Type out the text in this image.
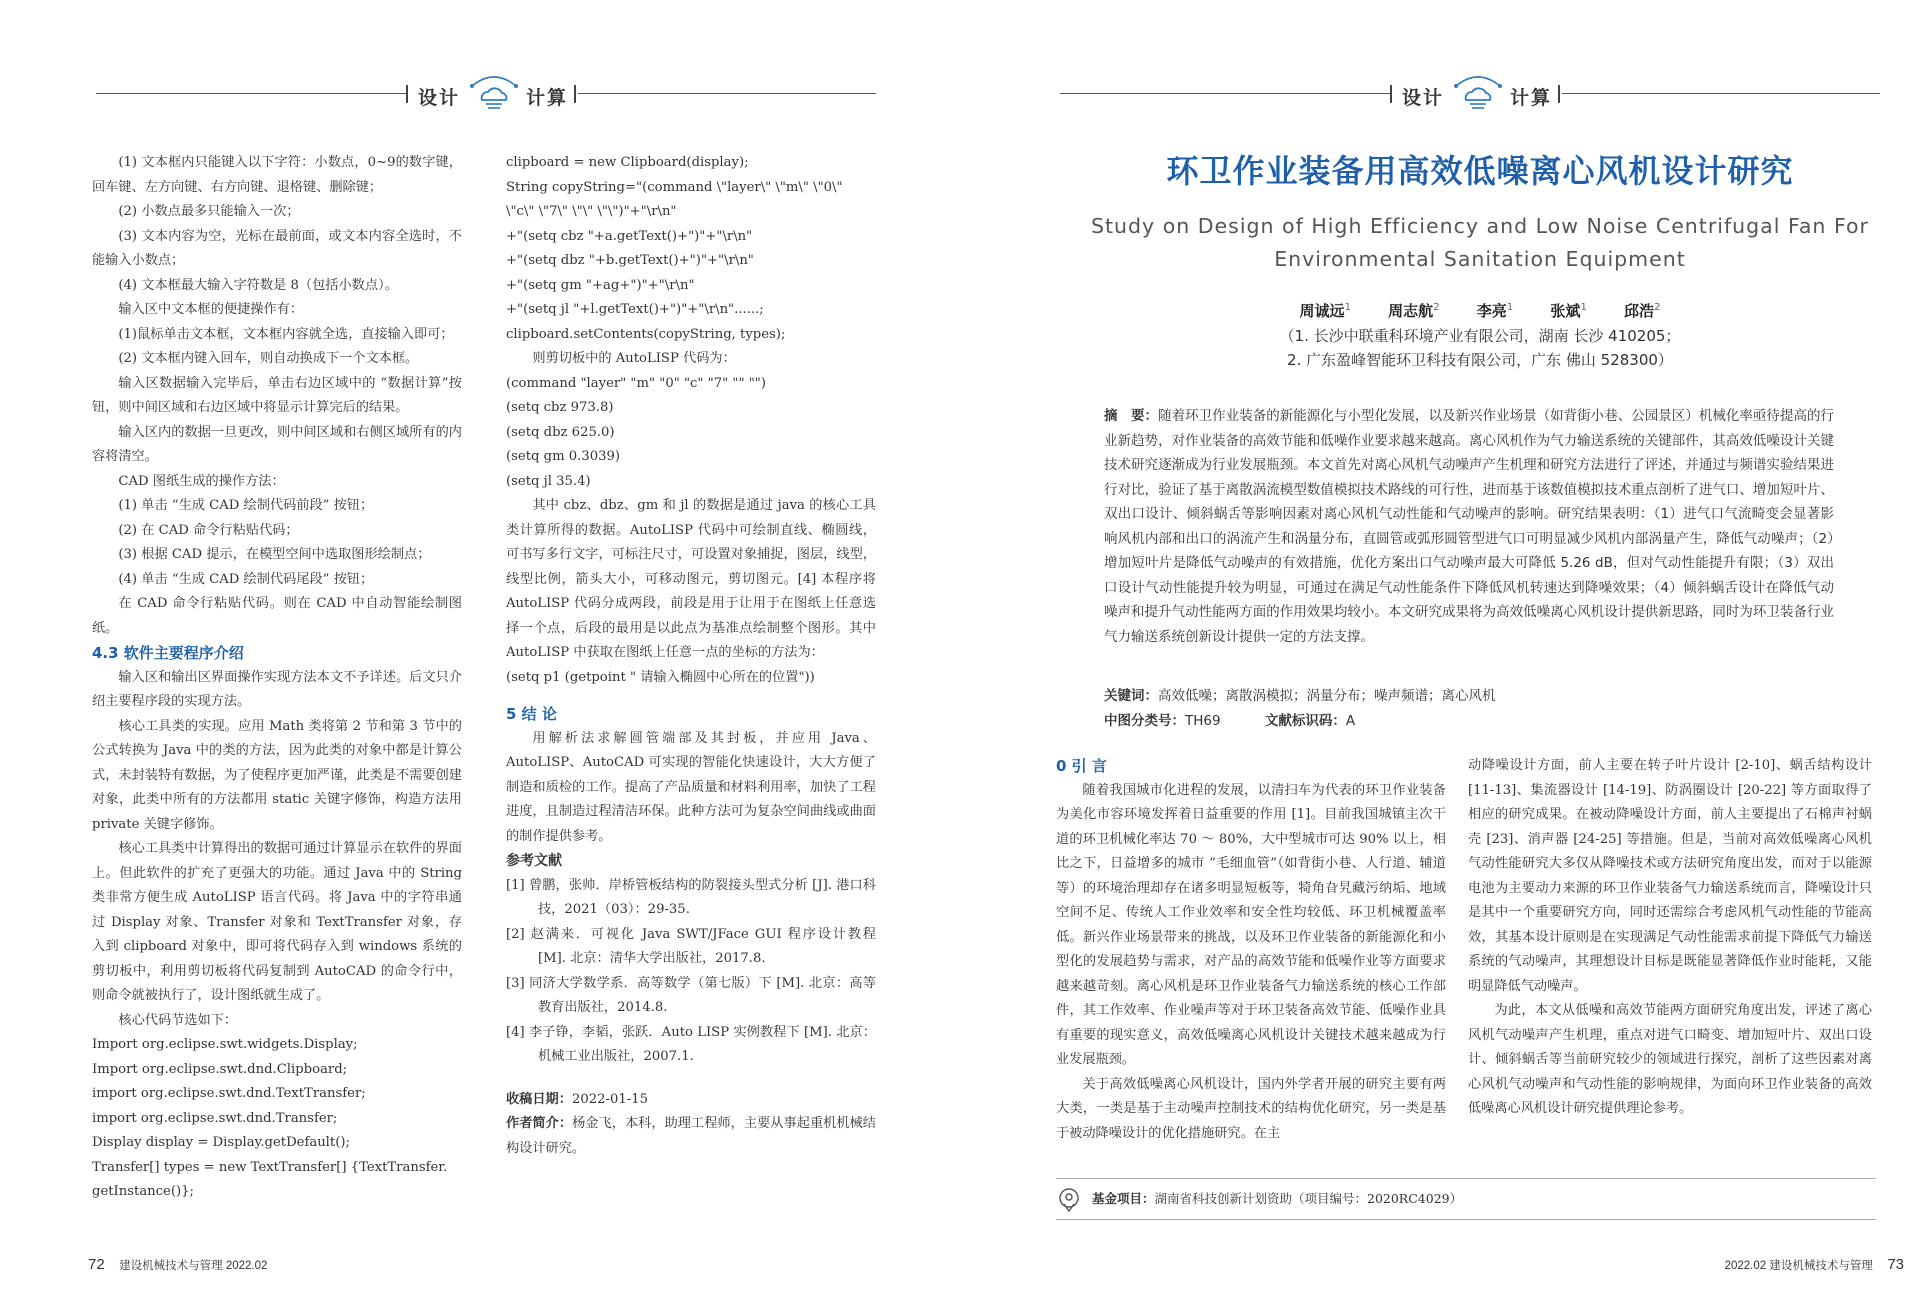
设计	计算

(1) 文本框内只能键入以下字符：小数点，0~9的数字键，回车键、左方向键、右方向键、退格键、删除键；

(2) 小数点最多只能输入一次；

(3) 文本内容为空，光标在最前面，或文本内容全选时，不能输入小数点；

(4) 文本框最大输入字符数是 8（包括小数点）。

输入区中文本框的便捷操作有：

(1)鼠标单击文本框，文本框内容就全选，直接输入即可；

(2) 文本框内键入回车，则自动换成下一个文本框。

输入区数据输入完毕后，单击右边区域中的 “数据计算”按钮，则中间区域和右边区域中将显示计算完后的结果。

输入区内的数据一旦更改，则中间区域和右侧区域所有的内容将清空。

CAD 图纸生成的操作方法：

(1) 单击 “生成 CAD 绘制代码前段” 按钮；

(2) 在 CAD 命令行粘贴代码；

(3) 根据 CAD 提示，在模型空间中选取图形绘制点；

(4) 单击 “生成 CAD 绘制代码尾段” 按钮；

在 CAD 命令行粘贴代码。则在 CAD 中自动智能绘制图纸。

4.3 软件主要程序介绍

输入区和输出区界面操作实现方法本文不予详述。后文只介绍主要程序段的实现方法。

核心工具类的实现。应用 Math 类将第 2 节和第 3 节中的公式转换为 Java 中的类的方法，因为此类的对象中都是计算公式，未封装特有数据，为了使程序更加严谨，此类是不需要创建对象，此类中所有的方法都用 static 关键字修饰，构造方法用 private 关键字修饰。

核心工具类中计算得出的数据可通过计算显示在软件的界面上。但此软件的扩充了更强大的功能。通过 Java 中的 String 类非常方便生成 AutoLISP 语言代码。将 Java 中的字符串通过 Display 对象、Transfer 对象和 TextTransfer 对象，存入到 clipboard 对象中，即可将代码存入到 windows 系统的剪切板中，利用剪切板将代码复制到 AutoCAD 的命令行中，则命令就被执行了，设计图纸就生成了。

核心代码节选如下：

Import org.eclipse.swt.widgets.Display;

Import org.eclipse.swt.dnd.Clipboard;

import org.eclipse.swt.dnd.TextTransfer;

import org.eclipse.swt.dnd.Transfer;

Display display = Display.getDefault();

Transfer[] types = new TextTransfer[] {TextTransfer.

getInstance()};

clipboard = new Clipboard(display);

String copyString="(command \"layer\" \"m\" \"0\"

\"c\" \"7\" \"\" \"\")"+"\r\n"

+"(setq cbz "+a.getText()+")"+"\r\n"

+"(setq dbz "+b.getText()+")"+"\r\n"

+"(setq gm "+ag+")"+"\r\n"

+"(setq jl "+l.getText()+")"+"\r\n"......;

clipboard.setContents(copyString, types);

则剪切板中的 AutoLISP 代码为：

(command "layer" "m" "0" "c" "7" "" "")

(setq cbz 973.8)

(setq dbz 625.0)

(setq gm 0.3039)

(setq jl 35.4)

其中 cbz、dbz、gm 和 jl 的数据是通过 java 的核心工具类计算所得的数据。AutoLISP 代码中可绘制直线、椭圆线，可书写多行文字，可标注尺寸，可设置对象捕捉，图层，线型，线型比例，箭头大小，可移动图元，剪切图元。[4] 本程序将 AutoLISP 代码分成两段，前段是用于让用于在图纸上任意选择一个点，后段的最用是以此点为基准点绘制整个图形。其中 AutoLISP 中获取在图纸上任意一点的坐标的方法为：

(setq p1 (getpoint " 请输入椭圆中心所在的位置"))

5 结 论

用解析法求解圆管端部及其封板，并应用 Java、AutoLISP、AutoCAD 可实现的智能化快速设计，大大方便了制造和质检的工作。提高了产品质量和材料利用率，加快了工程进度，且制造过程清洁环保。此种方法可为复杂空间曲线或曲面的制作提供参考。

参考文献

[1] 曾鹏，张帅．岸桥管板结构的防裂接头型式分析 [J]. 港口科技，2021（03）：29-35.

[2] 赵满来．可视化 Java SWT/JFace GUI 程序设计教程 [M]. 北京：清华大学出版社，2017.8.

[3] 同济大学数学系．高等数学（第七版）下 [M]. 北京：高等教育出版社，2014.8.

[4] 李子铮，李韬，张跃．Auto LISP 实例教程下 [M]. 北京：机械工业出版社，2007.1.

收稿日期：2022-01-15

作者简介：杨金飞，本科，助理工程师，主要从事起重机机械结构设计研究。

72 建设机械技术与管理 2022.02
设计	计算
环卫作业装备用高效低噪离心风机设计研究
Study on Design of High Efficiency and Low Noise Centrifugal Fan For
Environmental Sanitation Equipment
周诚远$^1$ 周志航$^2$ 李亮$^1$ 张斌$^1$ 邱浩$^2$
（1. 长沙中联重科环境产业有限公司，湖南 长沙 410205；
2. 广东盈峰智能环卫科技有限公司，广东 佛山 528300）
摘　要：随着环卫作业装备的新能源化与小型化发展，以及新兴作业场景（如背街小巷、公园景区）机械化率亟待提高的行业新趋势，对作业装备的高效节能和低噪作业要求越来越高。离心风机作为气力输送系统的关键部件，其高效低噪设计关键技术研究逐渐成为行业发展瓶颈。本文首先对离心风机气动噪声产生机理和研究方法进行了评述，并通过与频谱实验结果进行对比，验证了基于离散涡流模型数值模拟技术路线的可行性，进而基于该数值模拟技术重点剖析了进气口、增加短叶片、双出口设计、倾斜蜗舌等影响因素对离心风机气动性能和气动噪声的影响。研究结果表明：（1）进气口气流畸变会显著影响风机内部和出口的涡流产生和涡量分布，直圆管或弧形圆管型进气口可明显减少风机内部涡量产生，降低气动噪声；（2）增加短叶片是降低气动噪声的有效措施，优化方案出口气动噪声最大可降低 5.26 dB，但对气动性能提升有限；（3）双出口设计气动性能提升较为明显，可通过在满足气动性能条件下降低风机转速达到降噪效果；（4）倾斜蜗舌设计在降低气动噪声和提升气动性能两方面的作用效果均较小。本文研究成果将为高效低噪离心风机设计提供新思路，同时为环卫装备行业气力输送系统创新设计提供一定的方法支撑。
关键词：高效低噪；离散涡模拟；涡量分布；噪声频谱；离心风机
中图分类号：TH69	文献标识码：A

0 引 言

随着我国城市化进程的发展，以清扫车为代表的环卫作业装备为美化市容环境发挥着日益重要的作用 [1]。目前我国城镇主次干道的环卫机械化率达 70 ～ 80%，大中型城市可达 90% 以上，相比之下，日益增多的城市 “毛细血管”（如背街小巷、人行道、辅道等）的环境治理却存在诸多明显短板等，犄角旮旯藏污纳垢、地域空间不足、传统人工作业效率和安全性均较低、环卫机械覆盖率低。新兴作业场景带来的挑战，以及环卫作业装备的新能源化和小型化的发展趋势与需求，对产品的高效节能和低噪作业等方面要求越来越苛刻。离心风机是环卫作业装备气力输送系统的核心工作部件，其工作效率、作业噪声等对于环卫装备高效节能、低噪作业具有重要的现实意义，高效低噪离心风机设计关键技术越来越成为行业发展瓶颈。

关于高效低噪离心风机设计，国内外学者开展的研究主要有两大类，一类是基于主动噪声控制技术的结构优化研究，另一类是基于被动降噪设计的优化措施研究。在主

动降噪设计方面，前人主要在转子叶片设计 [2-10]、蜗舌结构设计 [11-13]、集流器设计 [14-19]、防涡圈设计 [20-22] 等方面取得了相应的研究成果。在被动降噪设计方面，前人主要提出了石棉声衬蜗壳 [23]、消声器 [24-25] 等措施。但是，当前对高效低噪离心风机气动性能研究大多仅从降噪技术或方法研究角度出发，而对于以能源电池为主要动力来源的环卫作业装备气力输送系统而言，降噪设计只是其中一个重要研究方向，同时还需综合考虑风机气动性能的节能高效，其基本设计原则是在实现满足气动性能需求前提下降低气力输送系统的气动噪声，其理想设计目标是既能显著降低作业时能耗，又能明显降低气动噪声。

为此，本文从低噪和高效节能两方面研究角度出发，评述了离心风机气动噪声产生机理，重点对进气口畸变、增加短叶片、双出口设计、倾斜蜗舌等当前研究较少的领域进行探究，剖析了这些因素对离心风机气动噪声和气动性能的影响规律，为面向环卫作业装备的高效低噪离心风机设计研究提供理论参考。

基金项目：湖南省科技创新计划资助（项目编号：2020RC4029）
2022.02 建设机械技术与管理 73
